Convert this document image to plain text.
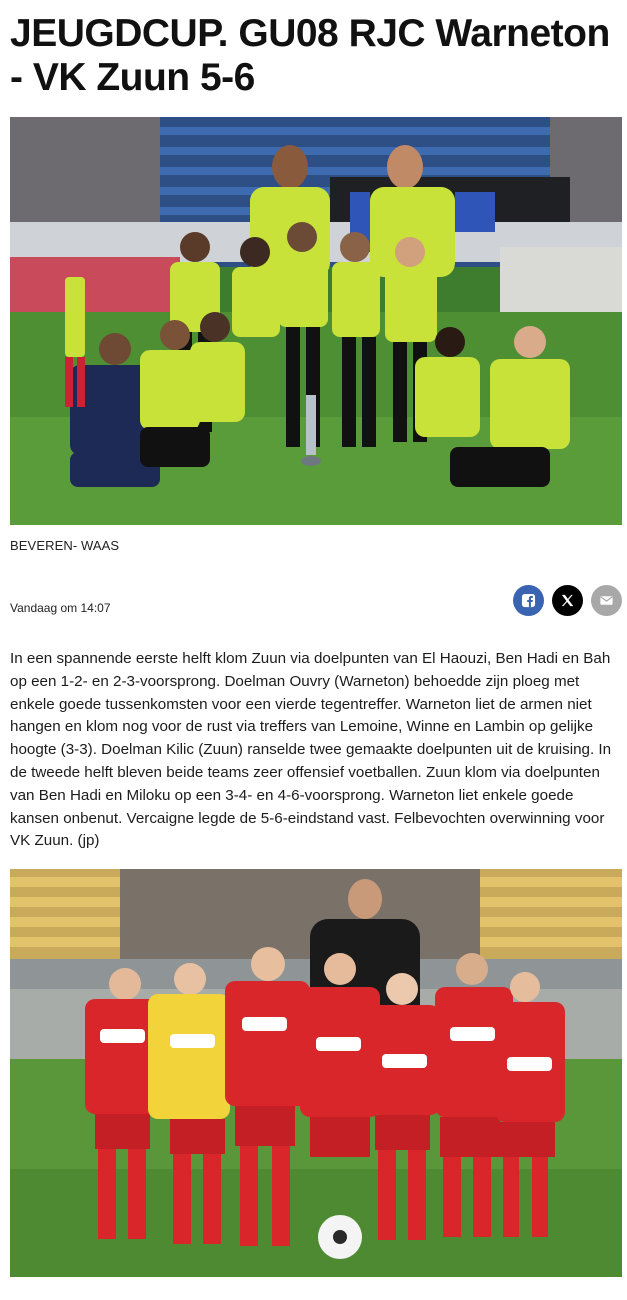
JEUGDCUP. GU08 RJC Warneton - VK Zuun 5-6
BEVEREN- WAAS
Vandaag om 14:07

In een spannende eerste helft klom Zuun via doelpunten van El Haouzi, Ben Hadi en Bah op een 1-2- en 2-3-voorsprong. Doelman Ouvry (Warneton) behoedde zijn ploeg met enkele goede tussenkomsten voor een vierde tegentreffer. Warneton liet de armen niet hangen en klom nog voor de rust via treffers van Lemoine, Winne en Lambin op gelijke hoogte (3-3). Doelman Kilic (Zuun) ranselde twee gemaakte doelpunten uit de kruising. In de tweede helft bleven beide teams zeer offensief voetballen. Zuun klom via doelpunten van Ben Hadi en Miloku op een 3-4- en 4-6-voorsprong. Warneton liet enkele goede kansen onbenut. Vercaigne legde de 5-6-eindstand vast. Felbevochten overwinning voor VK Zuun. (jp)
